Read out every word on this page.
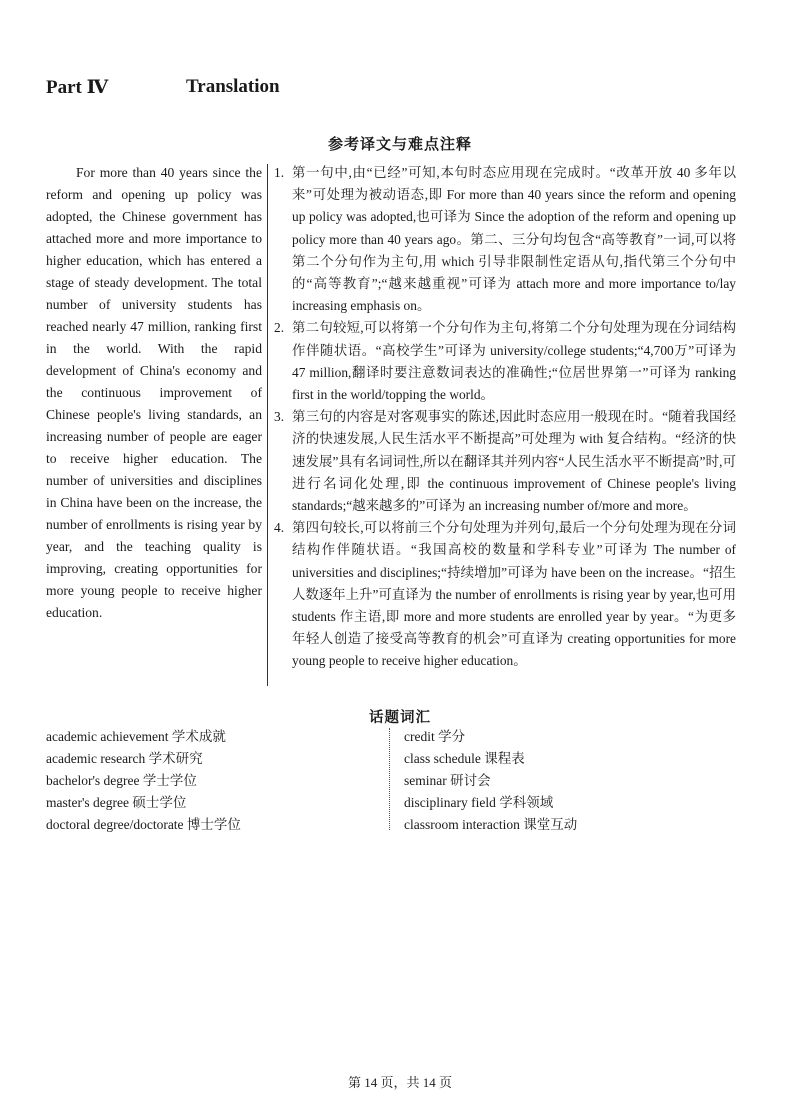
Part Ⅳ	Translation
参考译文与难点注释

For more than 40 years since the reform and opening up policy was adopted, the Chinese government has attached more and more importance to higher education, which has entered a stage of steady development. The total number of university students has reached nearly 47 million, ranking first in the world. With the rapid development of China's economy and the continuous improvement of Chinese people's living standards, an increasing number of people are eager to receive higher education. The number of universities and disciplines in China have been on the increase, the number of enrollments is rising year by year, and the teaching quality is improving, creating opportunities for more young people to receive higher education.

1. 第一句中,由“已经”可知,本句时态应用现在完成时。“改革开放 40 多年以来”可处理为被动语态,即 For more than 40 years since the reform and opening up policy was adopted,也可译为 Since the adoption of the reform and opening up policy more than 40 years ago。第二、三分句均包含“高等教育”一词,可以将第二个分句作为主句,用 which 引导非限制性定语从句,指代第三个分句中的“高等教育”;“越来越重视”可译为 attach more and more importance to/lay increasing emphasis on。
2. 第二句较短,可以将第一个分句作为主句,将第二个分句处理为现在分词结构作伴随状语。“高校学生”可译为 university/college students;“4,700万”可译为 47 million,翻译时要注意数词表达的准确性;“位居世界第一”可译为 ranking first in the world/topping the world。
3. 第三句的内容是对客观事实的陈述,因此时态应用一般现在时。“随着我国经济的快速发展,人民生活水平不断提高”可处理为 with 复合结构。“经济的快速发展”具有名词词性,所以在翻译其并列内容“人民生活水平不断提高”时,可进行名词化处理,即 the continuous improvement of Chinese people's living standards;“越来越多的”可译为 an increasing number of/more and more。
4. 第四句较长,可以将前三个分句处理为并列句,最后一个分句处理为现在分词结构作伴随状语。“我国高校的数量和学科专业”可译为 The number of universities and disciplines;“持续增加”可译为 have been on the increase。“招生人数逐年上升”可直译为 the number of enrollments is rising year by year,也可用 students 作主语,即 more and more students are enrolled year by year。“为更多年轻人创造了接受高等教育的机会”可直译为 creating opportunities for more young people to receive higher education。
话题词汇
academic achievement 学术成就
academic research 学术研究
bachelor's degree 学士学位
master's degree 硕士学位
doctoral degree/doctorate 博士学位
credit 学分
class schedule 课程表
seminar 研讨会
disciplinary field 学科领域
classroom interaction 课堂互动
第 14 页，共 14 页
